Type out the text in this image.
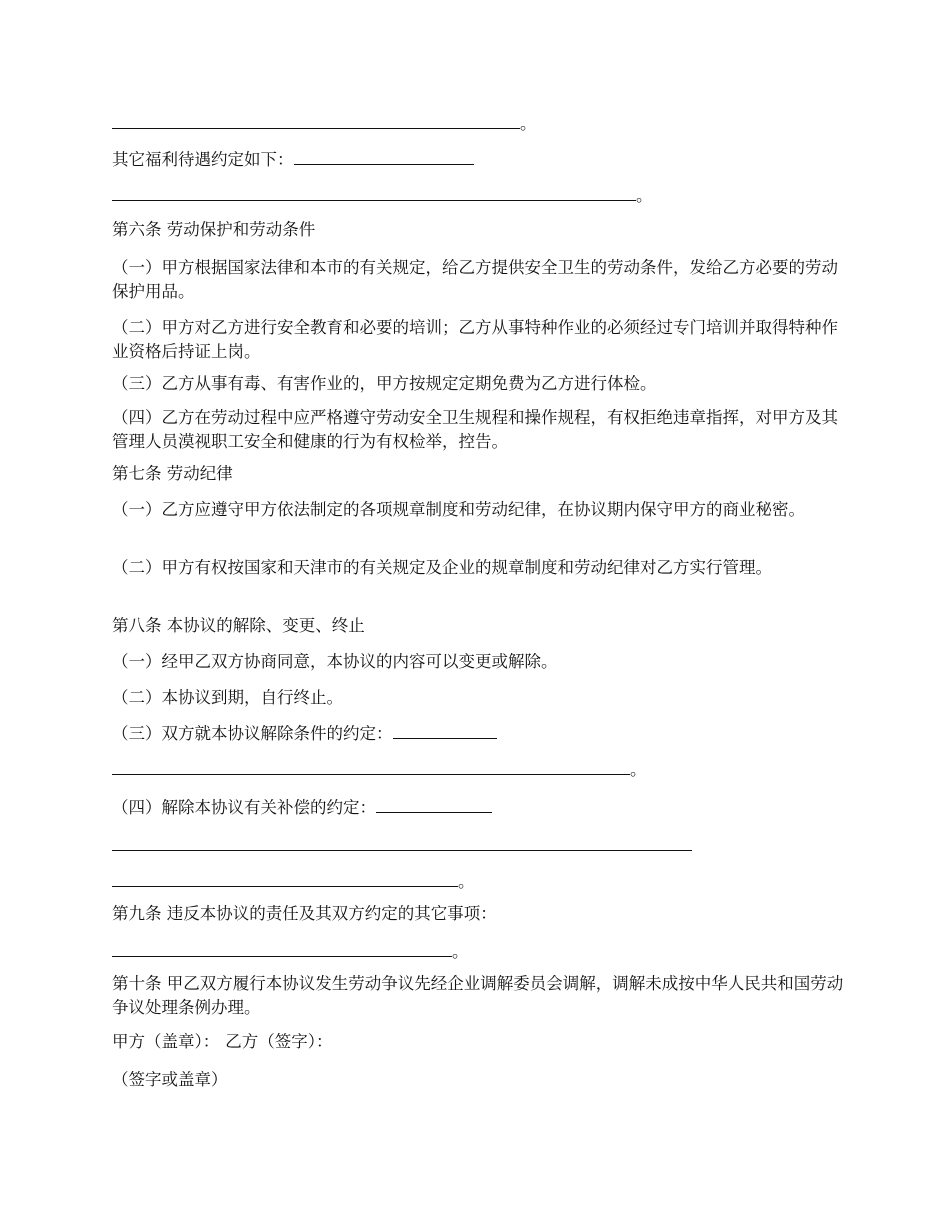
。
其它福利待遇约定如下：
。
第六条 劳动保护和劳动条件
（一）甲方根据国家法律和本市的有关规定，给乙方提供安全卫生的劳动条件，发给乙方必要的劳动保护用品。
（二）甲方对乙方进行安全教育和必要的培训；乙方从事特种作业的必须经过专门培训并取得特种作业资格后持证上岗。
（三）乙方从事有毒、有害作业的，甲方按规定定期免费为乙方进行体检。
（四）乙方在劳动过程中应严格遵守劳动安全卫生规程和操作规程，有权拒绝违章指挥，对甲方及其管理人员漠视职工安全和健康的行为有权检举，控告。
第七条 劳动纪律
（一）乙方应遵守甲方依法制定的各项规章制度和劳动纪律，在协议期内保守甲方的商业秘密。
（二）甲方有权按国家和天津市的有关规定及企业的规章制度和劳动纪律对乙方实行管理。
第八条 本协议的解除、变更、终止
（一）经甲乙双方协商同意，本协议的内容可以变更或解除。
（二）本协议到期，自行终止。
（三）双方就本协议解除条件的约定：
。
（四）解除本协议有关补偿的约定：
。
第九条 违反本协议的责任及其双方约定的其它事项：
。
第十条 甲乙双方履行本协议发生劳动争议先经企业调解委员会调解，调解未成按中华人民共和国劳动争议处理条例办理。
甲方（盖章）： 乙方（签字）：
（签字或盖章）
